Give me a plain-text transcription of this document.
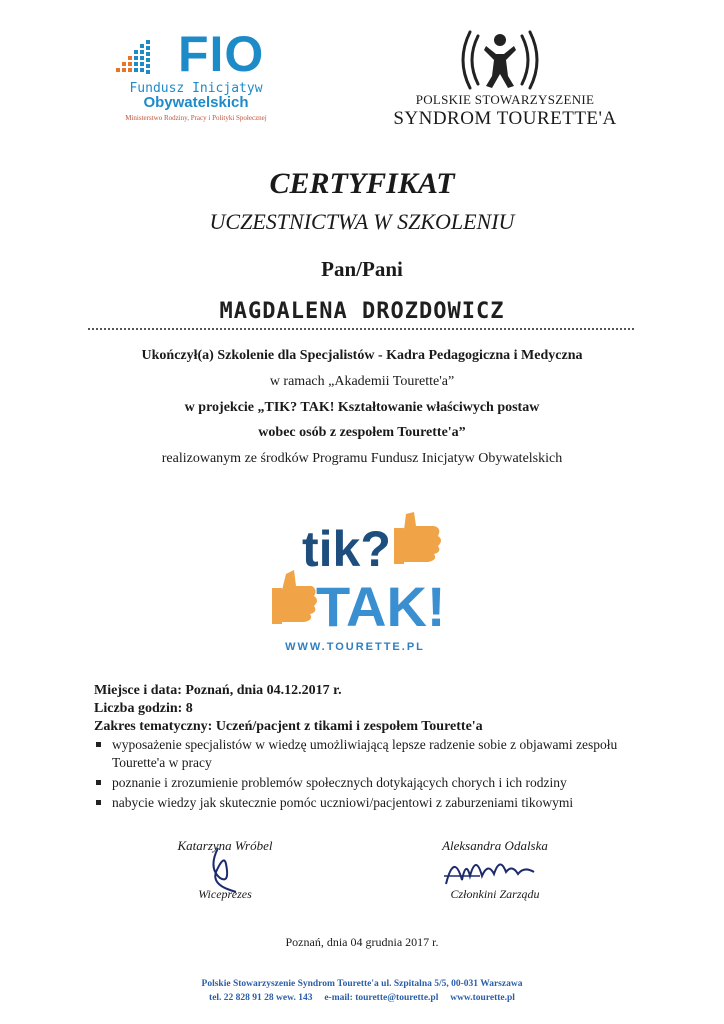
FIO
Fundusz Inicjatyw
Obywatelskich
Ministerstwo Rodziny, Pracy i Polityki Społecznej
POLSKIE STOWARZYSZENIE
SYNDROM TOURETTE'A
CERTYFIKAT
UCZESTNICTWA W SZKOLENIU
Pan/Pani
MAGDALENA DROZDOWICZ
Ukończył(a) Szkolenie dla Specjalistów - Kadra Pedagogiczna i Medyczna
w ramach „Akademii Tourette'a”
w projekcie „TIK? TAK! Kształtowanie właściwych postaw
wobec osób z zespołem Tourette'a”
realizowanym ze środków Programu Fundusz Inicjatyw Obywatelskich
tik?
TAK!
WWW.TOURETTE.PL
Miejsce i data: Poznań, dnia 04.12.2017 r.
Liczba godzin: 8
Zakres tematyczny: Uczeń/pacjent z tikami i zespołem Tourette'a
wyposażenie specjalistów w wiedzę umożliwiającą lepsze radzenie sobie z objawami zespołu Tourette'a w pracy
poznanie i zrozumienie problemów społecznych dotykających chorych i ich rodziny
nabycie wiedzy jak skutecznie pomóc uczniowi/pacjentowi z zaburzeniami tikowymi
Katarzyna Wróbel
Wiceprezes
Aleksandra Odalska
Członkini Zarządu
Poznań, dnia 04 grudnia 2017 r.
Polskie Stowarzyszenie Syndrom Tourette'a ul. Szpitalna 5/5, 00-031 Warszawa
tel. 22 828 91 28 wew. 143     e-mail: tourette@tourette.pl     www.tourette.pl
